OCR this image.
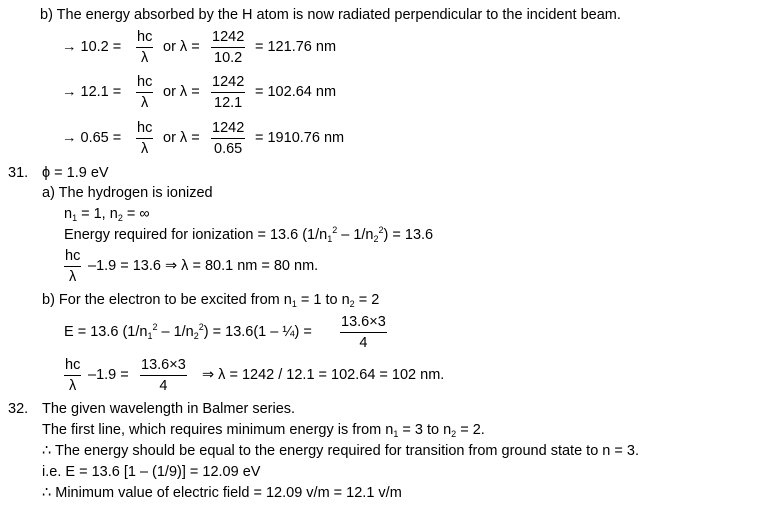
b) The energy absorbed by the H atom is now radiated perpendicular to the incident beam.
→ $10.2 = \frac{hc}{\lambda}$ or $\lambda = \frac{1242}{10.2} = 121.76$ nm
→ $12.1 = \frac{hc}{\lambda}$ or $\lambda = \frac{1242}{12.1} = 102.64$ nm
→ $0.65 = \frac{hc}{\lambda}$ or $\lambda = \frac{1242}{0.65} = 1910.76$ nm
31. ϕ = 1.9 eV
a) The hydrogen is ionized
$n_1 = 1$, $n_2$ = ∞
Energy required for ionization = 13.6 $(1/n_1^2 - 1/n_2^2) = 13.6$
$\frac{hc}{\lambda} -1.9 = 13.6$ ⇒ λ = 80.1 nm = 80 nm.
b) For the electron to be excited from $n_1 = 1$ to $n_2 = 2$
E = 13.6 $(1/n_1^2 - 1/n_2^2) = 13.6(1$ – ¼) = $\frac{13.6\times 3}{4}$
$\frac{hc}{\lambda} -1.9 = \frac{13.6\times 3}{4}$ ⇒ λ = 1242 / 12.1 = 102.64 = 102 nm.
32. The given wavelength in Balmer series.
The first line, which requires minimum energy is from $n_1 = 3$ to $n_2 = 2$.
∴ The energy should be equal to the energy required for transition from ground state to n = 3.
i.e. E = 13.6 [1 – (1/9)] = 12.09 eV
∴ Minimum value of electric field = 12.09 v/m = 12.1 v/m
